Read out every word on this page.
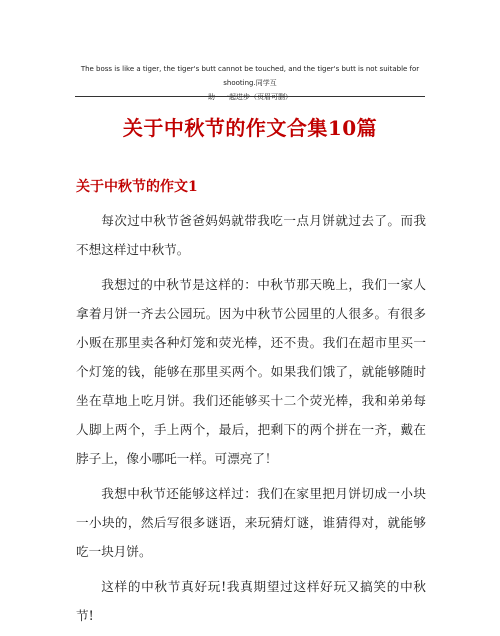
The boss is like a tiger, the tiger's butt cannot be touched, and the tiger's butt is not suitable for shooting.同学互
助　一起进步（页眉可删）
关于中秋节的作文合集10篇
关于中秋节的作文1

每次过中秋节爸爸妈妈就带我吃一点月饼就过去了。而我不想这样过中秋节。

我想过的中秋节是这样的：中秋节那天晚上，我们一家人拿着月饼一齐去公园玩。因为中秋节公园里的人很多。有很多小贩在那里卖各种灯笼和荧光棒，还不贵。我们在超市里买一个灯笼的钱，能够在那里买两个。如果我们饿了，就能够随时坐在草地上吃月饼。我们还能够买十二个荧光棒，我和弟弟每人脚上两个，手上两个，最后，把剩下的两个拼在一齐，戴在脖子上，像小哪吒一样。可漂亮了！

我想中秋节还能够这样过：我们在家里把月饼切成一小块一小块的，然后写很多谜语，来玩猜灯谜，谁猜得对，就能够吃一块月饼。

这样的中秋节真好玩!我真期望过这样好玩又搞笑的中秋节!
